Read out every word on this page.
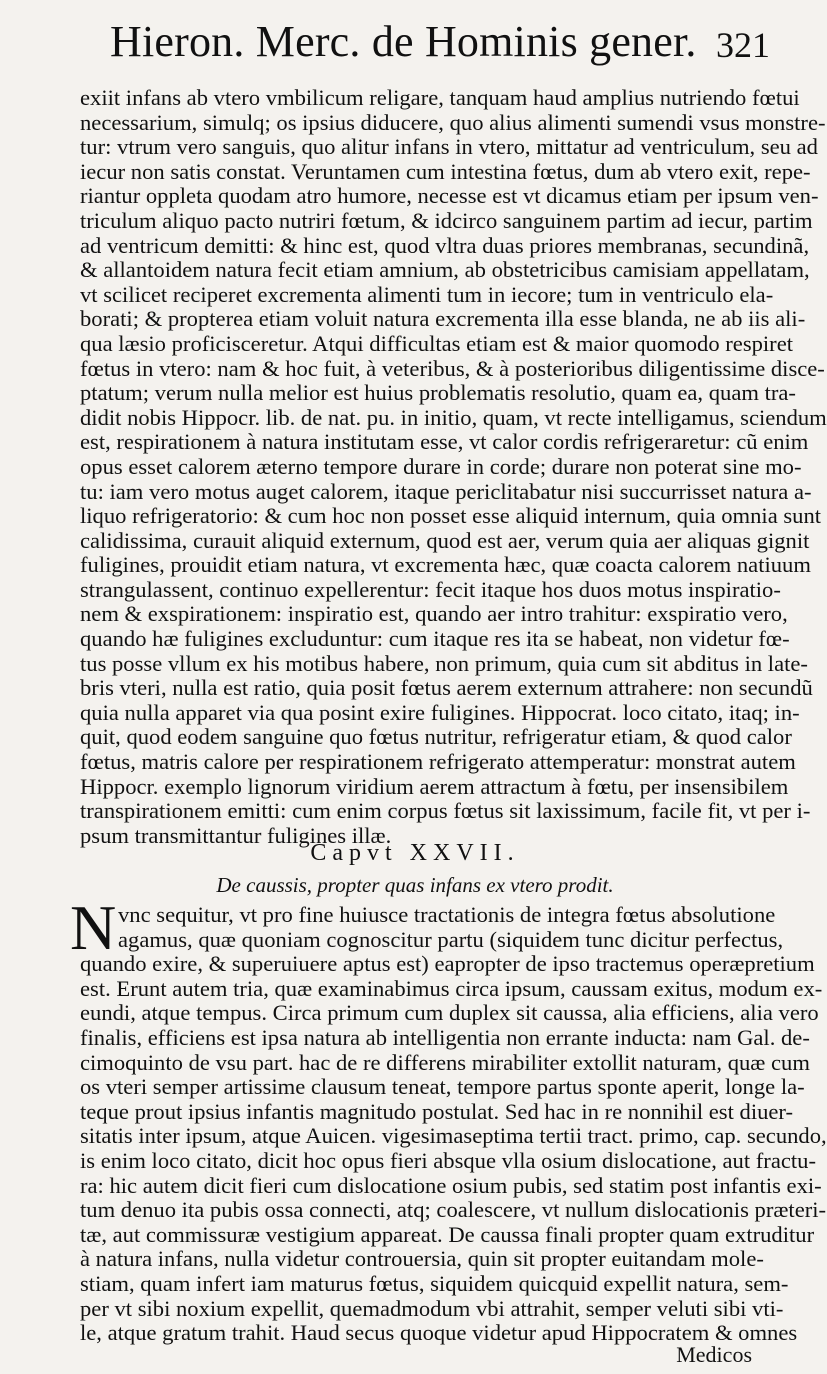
Hieron. Merc. de Hominis gener. 321
exiit infans ab vtero vmbilicum religare, tanquam haud amplius nutriendo fœtui
necessarium, simulq; os ipsius diducere, quo alius alimenti sumendi vsus monstre-
tur: vtrum vero sanguis, quo alitur infans in vtero, mittatur ad ventriculum, seu ad
iecur non satis constat. Veruntamen cum intestina fœtus, dum ab vtero exit, repe-
riantur oppleta quodam atro humore, necesse est vt dicamus etiam per ipsum ven-
triculum aliquo pacto nutriri fœtum, & idcirco sanguinem partim ad iecur, partim
ad ventricum demitti: & hinc est, quod vltra duas priores membranas, secundinã,
& allantoidem natura fecit etiam amnium, ab obstetricibus camisiam appellatam,
vt scilicet reciperet excrementa alimenti tum in iecore; tum in ventriculo ela-
borati; & propterea etiam voluit natura excrementa illa esse blanda, ne ab iis ali-
qua læsio proficisceretur. Atqui difficultas etiam est & maior quomodo respiret
fœtus in vtero: nam & hoc fuit, à veteribus, & à posterioribus diligentissime disce-
ptatum; verum nulla melior est huius problematis resolutio, quam ea, quam tra-
didit nobis Hippocr. lib. de nat. pu. in initio, quam, vt recte intelligamus, sciendum
est, respirationem à natura institutam esse, vt calor cordis refrigeraretur: cũ enim
opus esset calorem æterno tempore durare in corde; durare non poterat sine mo-
tu: iam vero motus auget calorem, itaque periclitabatur nisi succurrisset natura a-
liquo refrigeratorio: & cum hoc non posset esse aliquid internum, quia omnia sunt
calidissima, curauit aliquid externum, quod est aer, verum quia aer aliquas gignit
fuligines, prouidit etiam natura, vt excrementa hæc, quæ coacta calorem natiuum
strangulassent, continuo expellerentur: fecit itaque hos duos motus inspiratio-
nem & exspirationem: inspiratio est, quando aer intro trahitur: exspiratio vero,
quando hæ fuligines excluduntur: cum itaque res ita se habeat, non videtur fœ-
tus posse vllum ex his motibus habere, non primum, quia cum sit abditus in late-
bris vteri, nulla est ratio, quia posit fœtus aerem externum attrahere: non secundũ
quia nulla apparet via qua posint exire fuligines. Hippocrat. loco citato, itaq; in-
quit, quod eodem sanguine quo fœtus nutritur, refrigeratur etiam, & quod calor
fœtus, matris calore per respirationem refrigerato attemperatur: monstrat autem
Hippocr. exemplo lignorum viridium aerem attractum à fœtu, per insensibilem
transpirationem emitti: cum enim corpus fœtus sit laxissimum, facile fit, vt per i-
psum transmittantur fuligines illæ.
Capvt XXVII.
De caussis, propter quas infans ex vtero prodit.
N vnc sequitur, vt pro fine huiusce tractationis de integra fœtus absolutione
agamus, quæ quoniam cognoscitur partu (siquidem tunc dicitur perfectus,
quando exire, & superuiuere aptus est) eapropter de ipso tractemus operæpretium
est. Erunt autem tria, quæ examinabimus circa ipsum, caussam exitus, modum ex-
eundi, atque tempus. Circa primum cum duplex sit caussa, alia efficiens, alia vero
finalis, efficiens est ipsa natura ab intelligentia non errante inducta: nam Gal. de-
cimoquinto de vsu part. hac de re differens mirabiliter extollit naturam, quæ cum
os vteri semper artissime clausum teneat, tempore partus sponte aperit, longe la-
teque prout ipsius infantis magnitudo postulat. Sed hac in re nonnihil est diuer-
sitatis inter ipsum, atque Auicen. vigesimaseptima tertii tract. primo, cap. secundo,
is enim loco citato, dicit hoc opus fieri absque vlla osium dislocatione, aut fractu-
ra: hic autem dicit fieri cum dislocatione osium pubis, sed statim post infantis exi-
tum denuo ita pubis ossa connecti, atq; coalescere, vt nullum dislocationis præteri-
tæ, aut commissuræ vestigium appareat. De caussa finali propter quam extruditur
à natura infans, nulla videtur controuersia, quin sit propter euitandam mole-
stiam, quam infert iam maturus fœtus, siquidem quicquid expellit natura, sem-
per vt sibi noxium expellit, quemadmodum vbi attrahit, semper veluti sibi vti-
le, atque gratum trahit. Haud secus quoque videtur apud Hippocratem & omnes
Medicos
